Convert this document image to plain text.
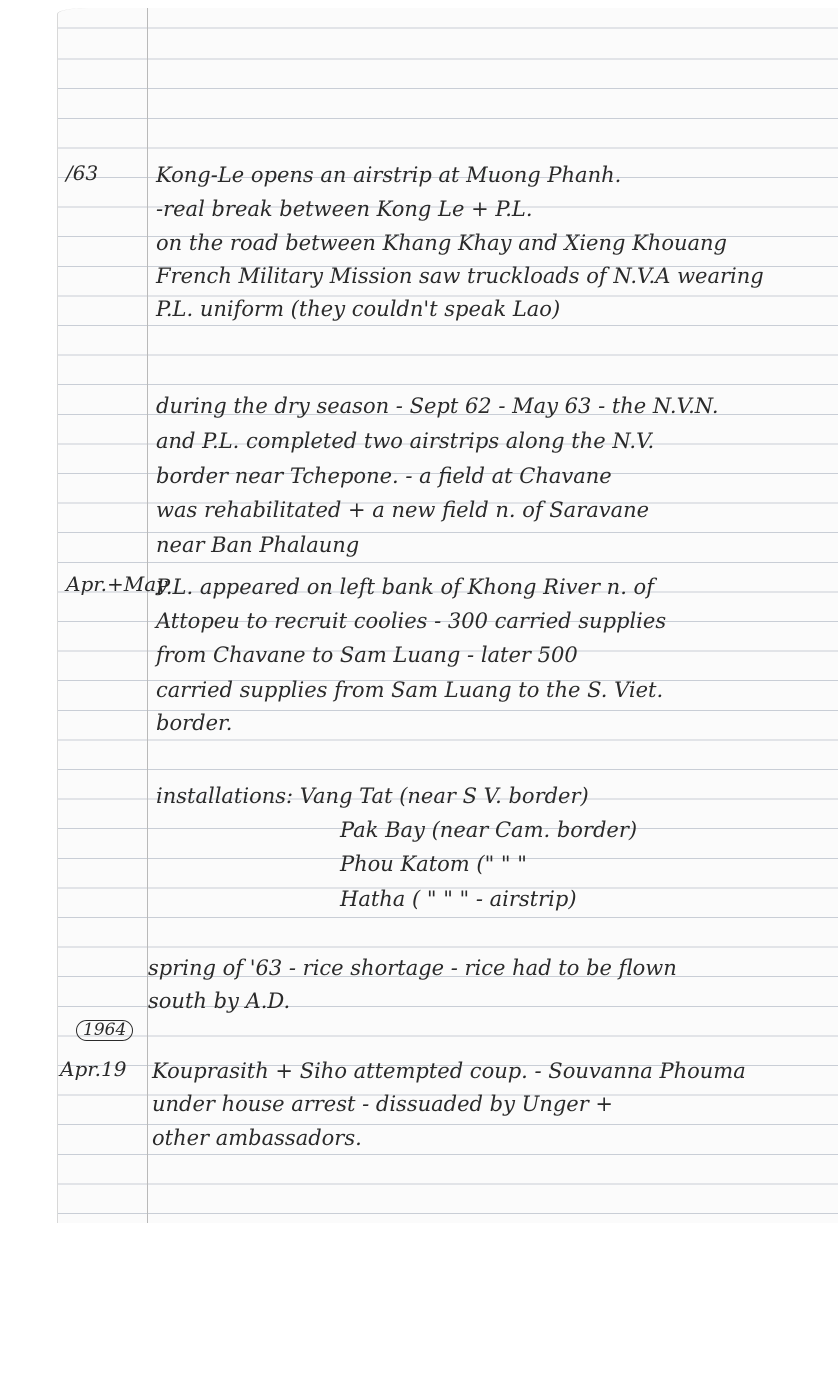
/63	Kong-Le opens an airstrip at Muong Phanh.
-real break between Kong Le + P.L.
on the road between Khang Khay and Xieng Khouang
French Military Mission saw truckloads of N.V.A wearing
P.L. uniform (they couldn't speak Lao)
during the dry season - Sept 62 - May 63 - the N.V.N.
and P.L. completed two airstrips along the N.V.
border near Tchepone. - a field at Chavane
was rehabilitated + a new field n. of Saravane
near Ban Phalaung
Apr.+May
P.L. appeared on left bank of Khong River n. of
Attopeu to recruit coolies - 300 carried supplies
from Chavane to Sam Luang - later 500
carried supplies from Sam Luang to the S. Viet.
border.
installations: Vang Tat (near S V. border)
Pak Bay (near Cam. border)
Phou Katom (" " "
Hatha ( " " " - airstrip)
spring of '63 - rice shortage - rice had to be flown
south by A.D.
1964
Apr.19 Kouprasith + Siho attempted coup. - Souvanna Phouma
under house arrest - dissuaded by Unger +
other ambassadors.
